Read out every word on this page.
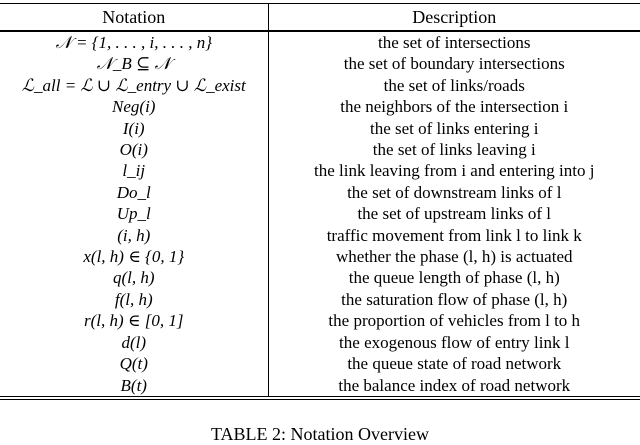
Notation	Description
𝒩 = {1, . . . , i, . . . , n}	the set of intersections
𝒩_B ⊆ 𝒩	the set of boundary intersections
ℒ_all = ℒ ∪ ℒ_entry ∪ ℒ_exist	the set of links/roads
Neg(i)	the neighbors of the intersection i
I(i)	the set of links entering i
O(i)	the set of links leaving i
l_ij	the link leaving from i and entering into j
Do_l	the set of downstream links of l
Up_l	the set of upstream links of l
(i, h)	traffic movement from link l to link k
x(l, h) ∈ {0, 1}	whether the phase (l, h) is actuated
q(l, h)	the queue length of phase (l, h)
f(l, h)	the saturation flow of phase (l, h)
r(l, h) ∈ [0, 1]	the proportion of vehicles from l to h
d(l)	the exogenous flow of entry link l
Q(t)	the queue state of road network
B(t)	the balance index of road network
TABLE 2: Notation Overview
